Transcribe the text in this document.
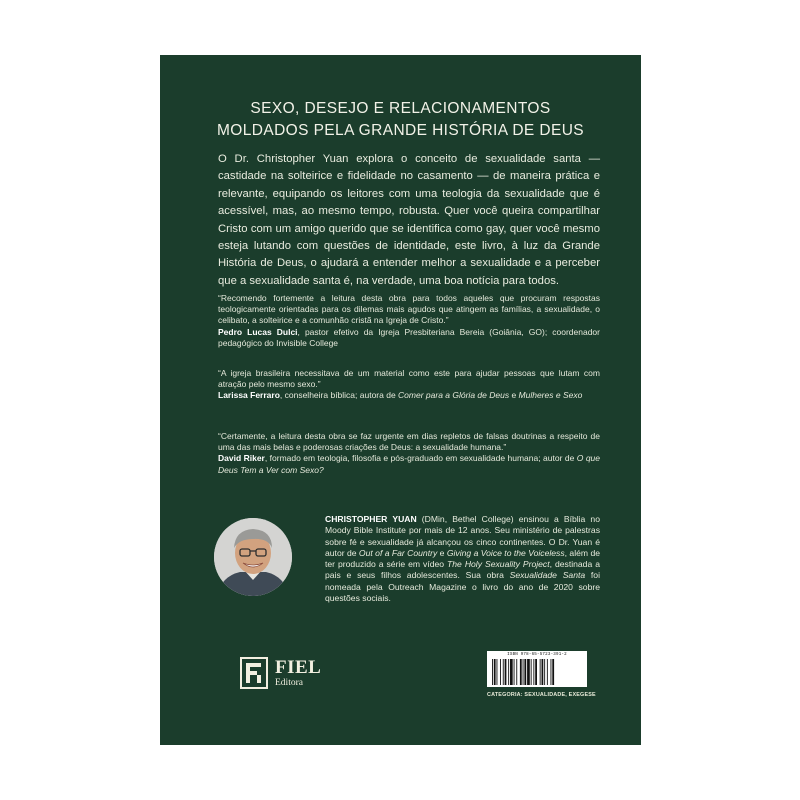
SEXO, DESEJO E RELACIONAMENTOS
MOLDADOS PELA GRANDE HISTÓRIA DE DEUS
O Dr. Christopher Yuan explora o conceito de sexualidade santa — castidade na solteirice e fidelidade no casamento — de maneira prática e relevante, equipando os leitores com uma teologia da sexualidade que é acessível, mas, ao mesmo tempo, robusta. Quer você queira compartilhar Cristo com um amigo querido que se identifica como gay, quer você mesmo esteja lutando com questões de identidade, este livro, à luz da Grande História de Deus, o ajudará a entender melhor a sexualidade e a perceber que a sexualidade santa é, na verdade, uma boa notícia para todos.
“Recomendo fortemente a leitura desta obra para todos aqueles que procuram respostas teologicamente orientadas para os dilemas mais agudos que atingem as famílias, a sexualidade, o celibato, a solteirice e a comunhão cristã na Igreja de Cristo.”
Pedro Lucas Dulci, pastor efetivo da Igreja Presbiteriana Bereia (Goiânia, GO); coordenador pedagógico do Invisible College
“A igreja brasileira necessitava de um material como este para ajudar pessoas que lutam com atração pelo mesmo sexo.”
Larissa Ferraro, conselheira bíblica; autora de Comer para a Glória de Deus e Mulheres e Sexo
“Certamente, a leitura desta obra se faz urgente em dias repletos de falsas doutrinas a respeito de uma das mais belas e poderosas criações de Deus: a sexualidade humana.”
David Riker, formado em teologia, filosofia e pós-graduado em sexualidade humana; autor de O que Deus Tem a Ver com Sexo?
CHRISTOPHER YUAN (DMin, Bethel College) ensinou a Bíblia no Moody Bible Institute por mais de 12 anos. Seu ministério de palestras sobre fé e sexualidade já alcançou os cinco continentes. O Dr. Yuan é autor de Out of a Far Country e Giving a Voice to the Voiceless, além de ter produzido a série em vídeo The Holy Sexuality Project, destinada a pais e seus filhos adolescentes. Sua obra Sexualidade Santa foi nomeada pela Outreach Magazine o livro do ano de 2020 sobre questões sociais.
FIEL
Editora
ISBN 978-65-5723-391-2
CATEGORIA: SEXUALIDADE, EXEGESE
